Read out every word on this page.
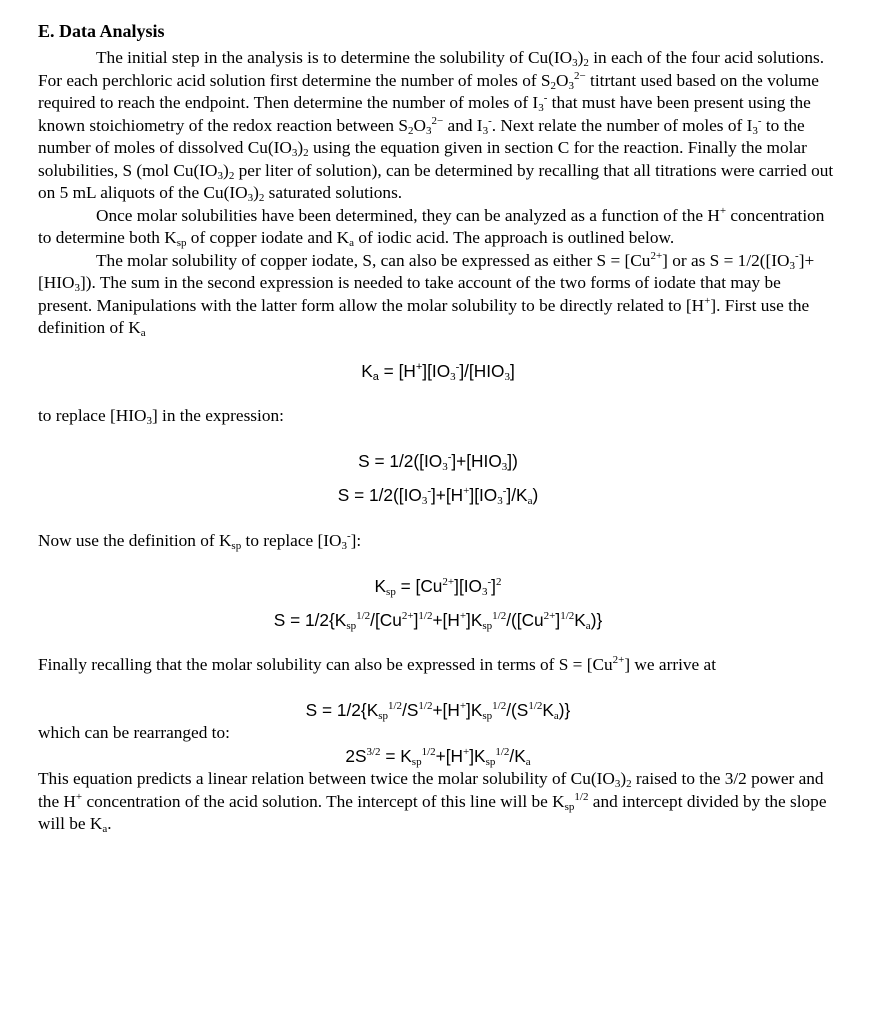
E. Data Analysis

The initial step in the analysis is to determine the solubility of $Cu(IO_3)_2$ in each of the four acid solutions. For each perchloric acid solution first determine the number of moles of $S_2O_3^{2-}$ titrtant used based on the volume required to reach the endpoint. Then determine the number of moles of $I_3^-$ that must have been present using the known stoichiometry of the redox reaction between $S_2O_3^{2-}$ and $I_3^-$. Next relate the number of moles of $I_3^-$ to the number of moles of dissolved $Cu(IO_3)_2$ using the equation given in section C for the reaction. Finally the molar solubilities, S (mol $Cu(IO_3)_2$ per liter of solution), can be determined by recalling that all titrations were carried out on 5 mL aliquots of the $Cu(IO_3)_2$ saturated solutions.

Once molar solubilities have been determined, they can be analyzed as a function of the H+ concentration to determine both $K_{sp}$ of copper iodate and $K_a$ of iodic acid. The approach is outlined below.

The molar solubility of copper iodate, S, can also be expressed as either $S = [Cu^{2+}]$ or as $S = 1/2([IO_3^-]+[HIO_3])$. The sum in the second expression is needed to take account of the two forms of iodate that may be present. Manipulations with the latter form allow the molar solubility to be directly related to [H+]. First use the definition of $K_a$

$K_a = [H^+][IO_3^-]/[HIO_3]$

to replace $[HIO_3]$ in the expression:

$S = 1/2([IO_3^-]+[HIO_3])$

$S = 1/2([IO_3^-]+[H^+][IO_3^-]/K_a)$

Now use the definition of $K_{sp}$ to replace $[IO_3^-]$:

$K_{sp} = [Cu^{2+}][IO_3^-]^2$

$S = 1/2\{K_{sp}^{1/2}/[Cu^{2+}]^{1/2}+[H^+]K_{sp}^{1/2}/([Cu^{2+}]^{1/2}K_a)\}$

Finally recalling that the molar solubility can also be expressed in terms of $S = [Cu^{2+}]$ we arrive at

$S = 1/2\{K_{sp}^{1/2}/S^{1/2}+[H^+]K_{sp}^{1/2}/(S^{1/2}K_a)\}$

which can be rearranged to:

$2S^{3/2} = K_{sp}^{1/2}+[H^+]K_{sp}^{1/2}/K_a$

This equation predicts a linear relation between twice the molar solubility of $Cu(IO_3)_2$ raised to the 3/2 power and the H+ concentration of the acid solution. The intercept of this line will be $K_{sp}^{1/2}$ and intercept divided by the slope will be $K_a$.
